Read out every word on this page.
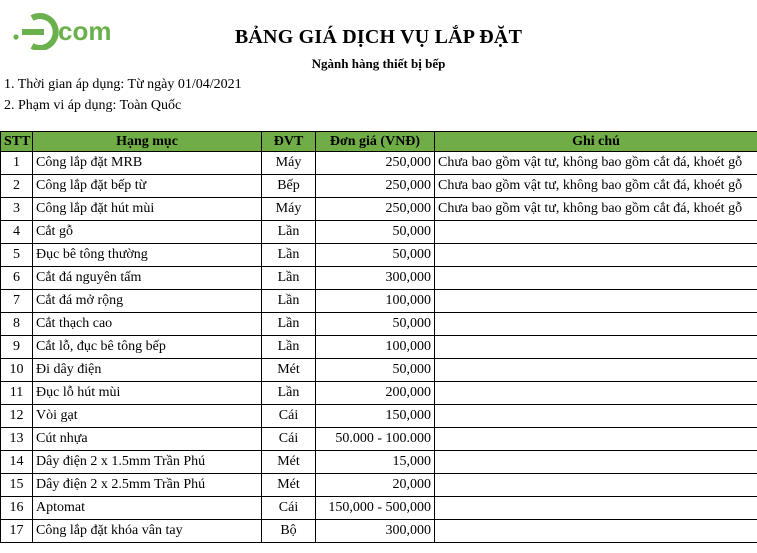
com	BẢNG GIÁ DỊCH VỤ LẮP ĐẶT
Ngành hàng thiết bị bếp
1. Thời gian áp dụng: Từ ngày 01/04/2021
2. Phạm vi áp dụng: Toàn Quốc
STT	Hạng mục	ĐVT	Đơn giá (VNĐ)	Ghi chú
1	Công lắp đặt MRB	Máy	250,000	Chưa bao gồm vật tư, không bao gồm cắt đá, khoét gỗ
2	Công lắp đặt bếp từ	Bếp	250,000	Chưa bao gồm vật tư, không bao gồm cắt đá, khoét gỗ
3	Công lắp đặt hút mùi	Máy	250,000	Chưa bao gồm vật tư, không bao gồm cắt đá, khoét gỗ
4	Cắt gỗ	Lần	50,000	
5	Đục bê tông thường	Lần	50,000	
6	Cắt đá nguyên tấm	Lần	300,000	
7	Cắt đá mở rộng	Lần	100,000	
8	Cắt thạch cao	Lần	50,000	
9	Cắt lỗ, đục bê tông bếp	Lần	100,000	
10	Đi dây điện	Mét	50,000	
11	Đục lỗ hút mùi	Lần	200,000	
12	Vòi gạt	Cái	150,000	
13	Cút nhựa	Cái	50.000 - 100.000	
14	Dây điện 2 x 1.5mm Trần Phú	Mét	15,000	
15	Dây điện 2 x 2.5mm Trần Phú	Mét	20,000	
16	Aptomat	Cái	150,000 - 500,000	
17	Công lắp đặt khóa vân tay	Bộ	300,000	
